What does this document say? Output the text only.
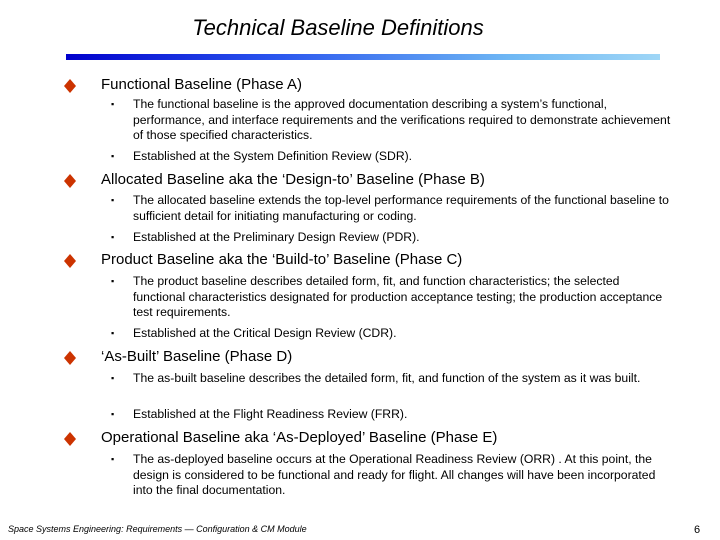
Technical Baseline Definitions
Functional Baseline (Phase A)
▪ The functional baseline is the approved documentation describing a system’s functional, performance, and interface requirements and the verifications required to demonstrate achievement of those specified characteristics.
▪ Established at the System Definition Review (SDR).
Allocated Baseline aka the ‘Design-to’ Baseline (Phase B)
▪ The allocated baseline extends the top-level performance requirements of the functional baseline to sufficient detail for initiating manufacturing or coding.
▪ Established at the Preliminary Design Review (PDR).
Product Baseline aka the ‘Build-to’ Baseline (Phase C)
▪ The product baseline describes detailed form, fit, and function characteristics; the selected functional characteristics designated for production acceptance testing; the production acceptance test requirements.
▪ Established at the Critical Design Review (CDR).
‘As-Built’ Baseline (Phase D)
▪ The as-built baseline describes the detailed form, fit, and function of the system as it was built.
▪ Established at the Flight Readiness Review (FRR).
Operational Baseline aka ‘As-Deployed’ Baseline (Phase E)
▪ The as-deployed baseline occurs at the Operational Readiness Review (ORR) . At this point, the design is considered to be functional and ready for flight. All changes will have been incorporated into the final documentation.
Space Systems Engineering: Requirements — Configuration & CM Module	6
